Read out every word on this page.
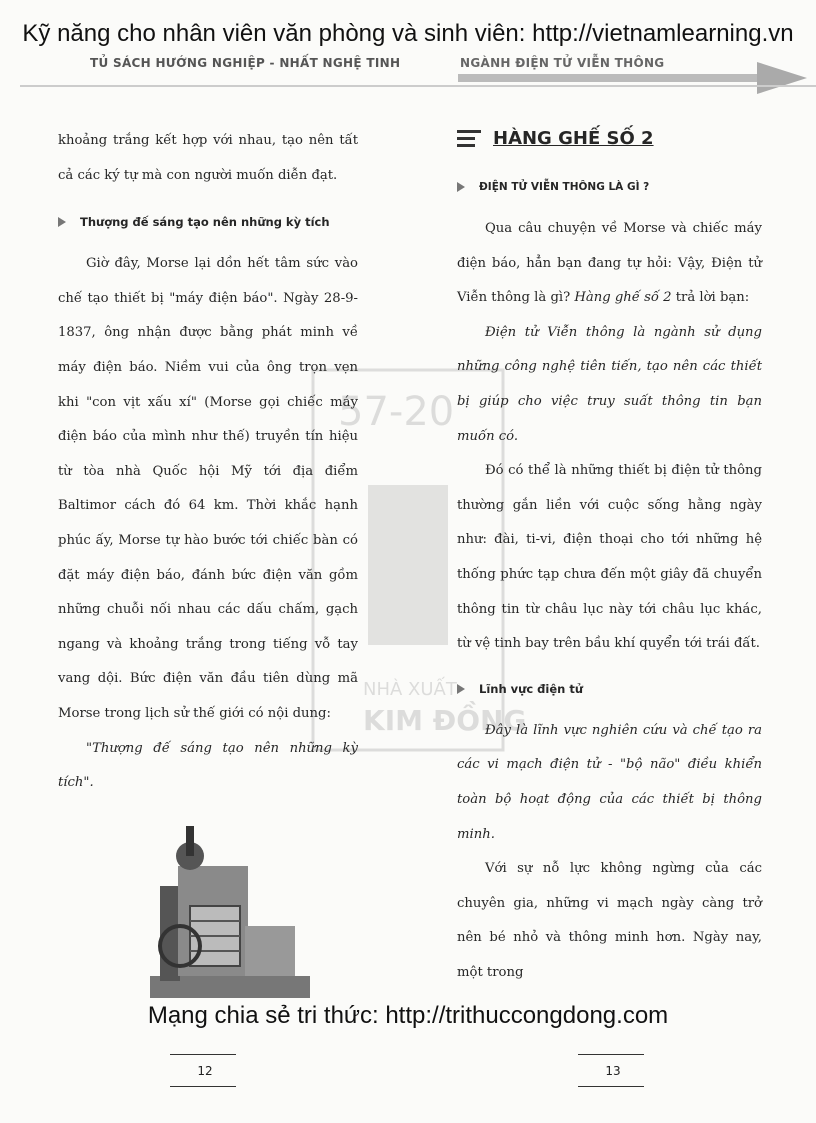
Kỹ năng cho nhân viên văn phòng và sinh viên: http://vietnamlearning.vn
TỦ SÁCH HƯỚNG NGHIỆP - NHẤT NGHỆ TINH	NGÀNH ĐIỆN TỬ VIỄN THÔNG

khoảng trắng kết hợp với nhau, tạo nên tất cả các ký tự mà con người muốn diễn đạt.

Thượng đế sáng tạo nên những kỳ tích

Giờ đây, Morse lại dồn hết tâm sức vào chế tạo thiết bị "máy điện báo". Ngày 28-9-1837, ông nhận được bằng phát minh về máy điện báo. Niềm vui của ông trọn vẹn khi "con vịt xấu xí" (Morse gọi chiếc máy điện báo của mình như thế) truyền tín hiệu từ tòa nhà Quốc hội Mỹ tới địa điểm Baltimor cách đó 64 km. Thời khắc hạnh phúc ấy, Morse tự hào bước tới chiếc bàn có đặt máy điện báo, đánh bức điện văn gồm những chuỗi nối nhau các dấu chấm, gạch ngang và khoảng trắng trong tiếng vỗ tay vang dội. Bức điện văn đầu tiên dùng mã Morse trong lịch sử thế giới có nội dung:

"Thượng đế sáng tạo nên những kỳ tích".

HÀNG GHẾ SỐ 2
ĐIỆN TỬ VIỄN THÔNG LÀ GÌ ?

Qua câu chuyện về Morse và chiếc máy điện báo, hẳn bạn đang tự hỏi: Vậy, Điện tử Viễn thông là gì? Hàng ghế số 2 trả lời bạn:

Điện tử Viễn thông là ngành sử dụng những công nghệ tiên tiến, tạo nên các thiết bị giúp cho việc truy suất thông tin bạn muốn có.

Đó có thể là những thiết bị điện tử thông thường gắn liền với cuộc sống hằng ngày như: đài, ti-vi, điện thoại cho tới những hệ thống phức tạp chưa đến một giây đã chuyển thông tin từ châu lục này tới châu lục khác, từ vệ tinh bay trên bầu khí quyển tới trái đất.

Lĩnh vực điện tử

Đây là lĩnh vực nghiên cứu và chế tạo ra các vi mạch điện tử - "bộ não" điều khiển toàn bộ hoạt động của các thiết bị thông minh.

Với sự nỗ lực không ngừng của các chuyên gia, những vi mạch ngày càng trở nên bé nhỏ và thông minh hơn. Ngày nay, một trong

57-20
NHÀ XUẤT
KIM ĐỒNG
Mạng chia sẻ tri thức: http://trithuccongdong.com
12	13
